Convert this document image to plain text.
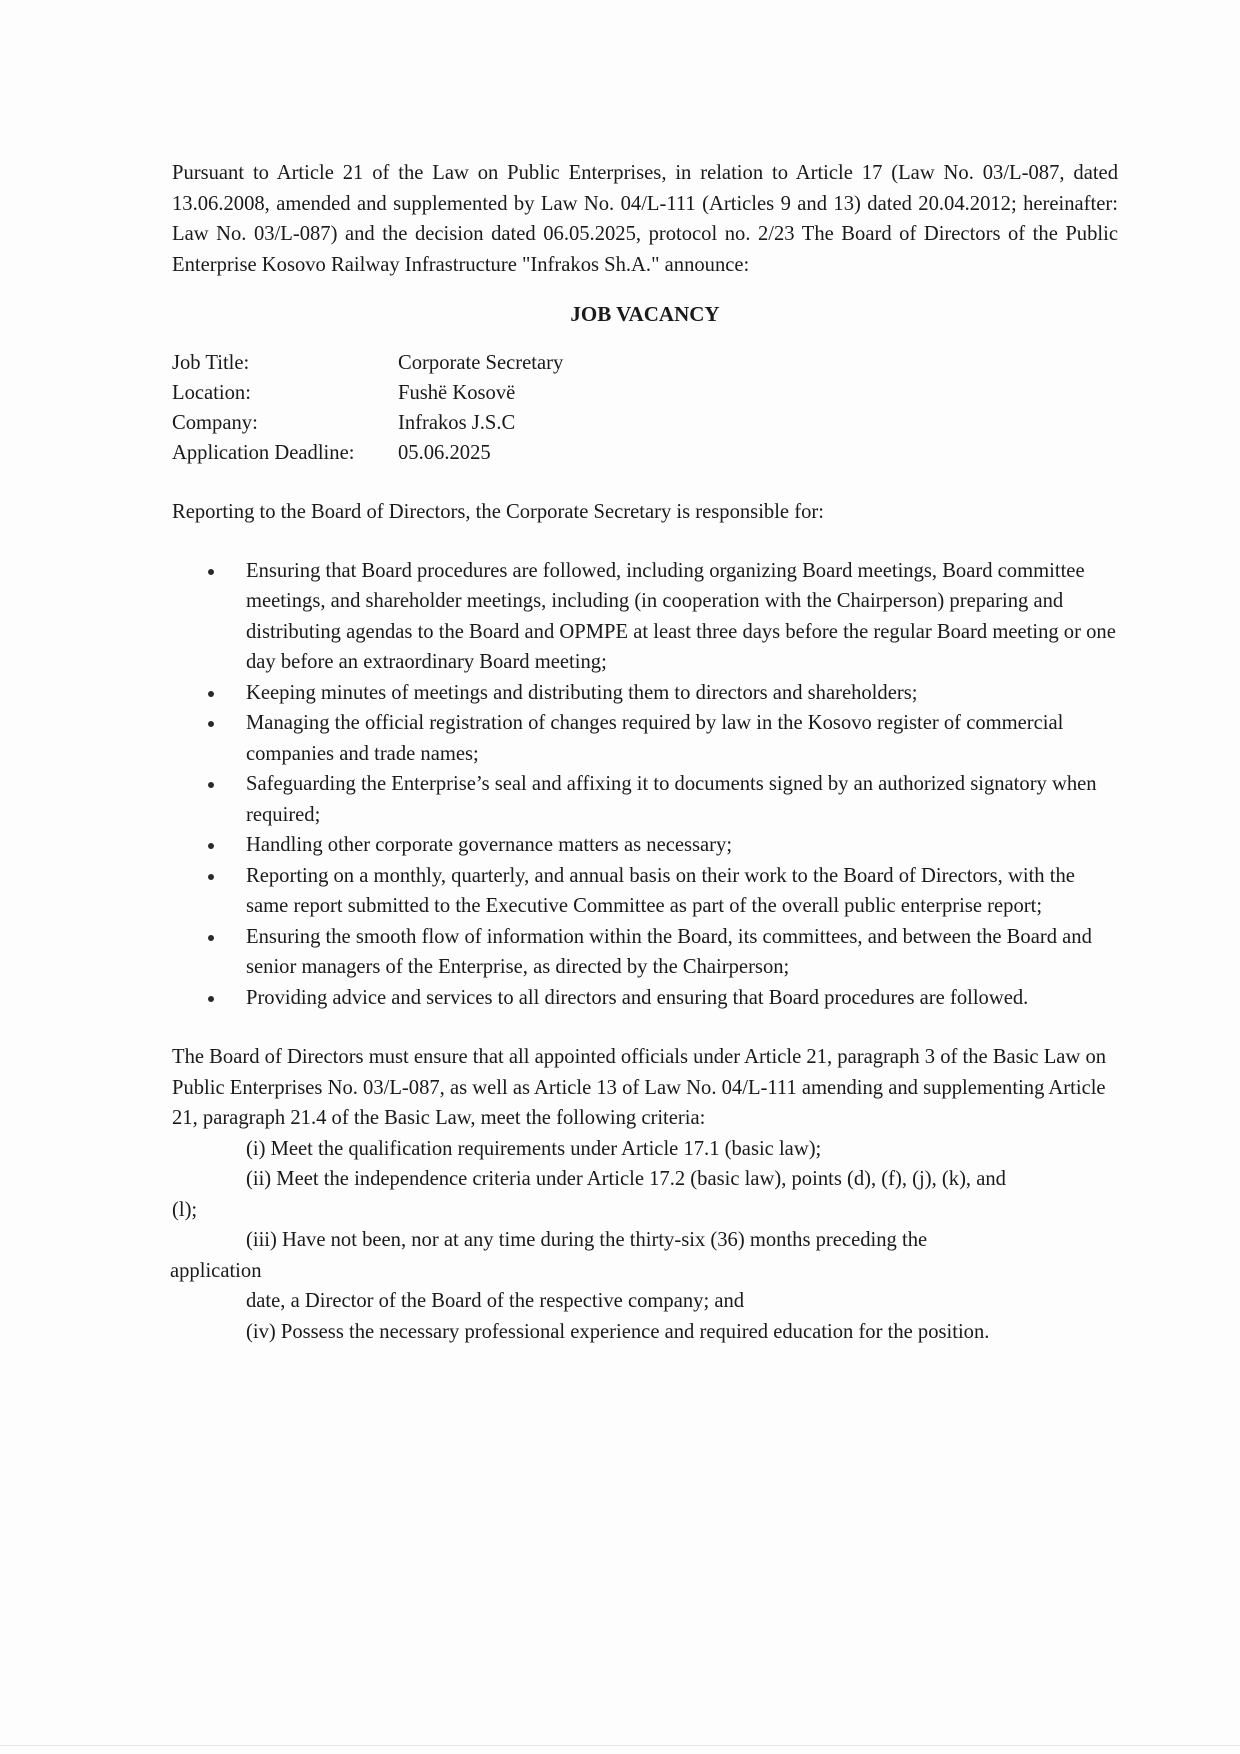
Pursuant to Article 21 of the Law on Public Enterprises, in relation to Article 17 (Law No. 03/L-087, dated 13.06.2008, amended and supplemented by Law No. 04/L-111 (Articles 9 and 13) dated 20.04.2012; hereinafter: Law No. 03/L-087) and the decision dated 06.05.2025, protocol no. 2/23 The Board of Directors of the Public Enterprise Kosovo Railway Infrastructure "Infrakos Sh.A." announce:

JOB VACANCY
Job Title:	Corporate Secretary
Location:	Fushë Kosovë
Company:	Infrakos J.S.C
Application Deadline:	05.06.2025

Reporting to the Board of Directors, the Corporate Secretary is responsible for:

Ensuring that Board procedures are followed, including organizing Board meetings, Board committee meetings, and shareholder meetings, including (in cooperation with the Chairperson) preparing and distributing agendas to the Board and OPMPE at least three days before the regular Board meeting or one day before an extraordinary Board meeting;
Keeping minutes of meetings and distributing them to directors and shareholders;
Managing the official registration of changes required by law in the Kosovo register of commercial companies and trade names;
Safeguarding the Enterprise’s seal and affixing it to documents signed by an authorized signatory when required;
Handling other corporate governance matters as necessary;
Reporting on a monthly, quarterly, and annual basis on their work to the Board of Directors, with the same report submitted to the Executive Committee as part of the overall public enterprise report;
Ensuring the smooth flow of information within the Board, its committees, and between the Board and senior managers of the Enterprise, as directed by the Chairperson;
Providing advice and services to all directors and ensuring that Board procedures are followed.

The Board of Directors must ensure that all appointed officials under Article 21, paragraph 3 of the Basic Law on Public Enterprises No. 03/L-087, as well as Article 13 of Law No. 04/L-111 amending and supplementing Article 21, paragraph 21.4 of the Basic Law, meet the following criteria:

(i) Meet the qualification requirements under Article 17.1 (basic law);

(ii) Meet the independence criteria under Article 17.2 (basic law), points (d), (f), (j), (k), and

(l);

(iii) Have not been, nor at any time during the thirty-six (36) months preceding the

application

date, a Director of the Board of the respective company; and

(iv) Possess the necessary professional experience and required education for the position.
